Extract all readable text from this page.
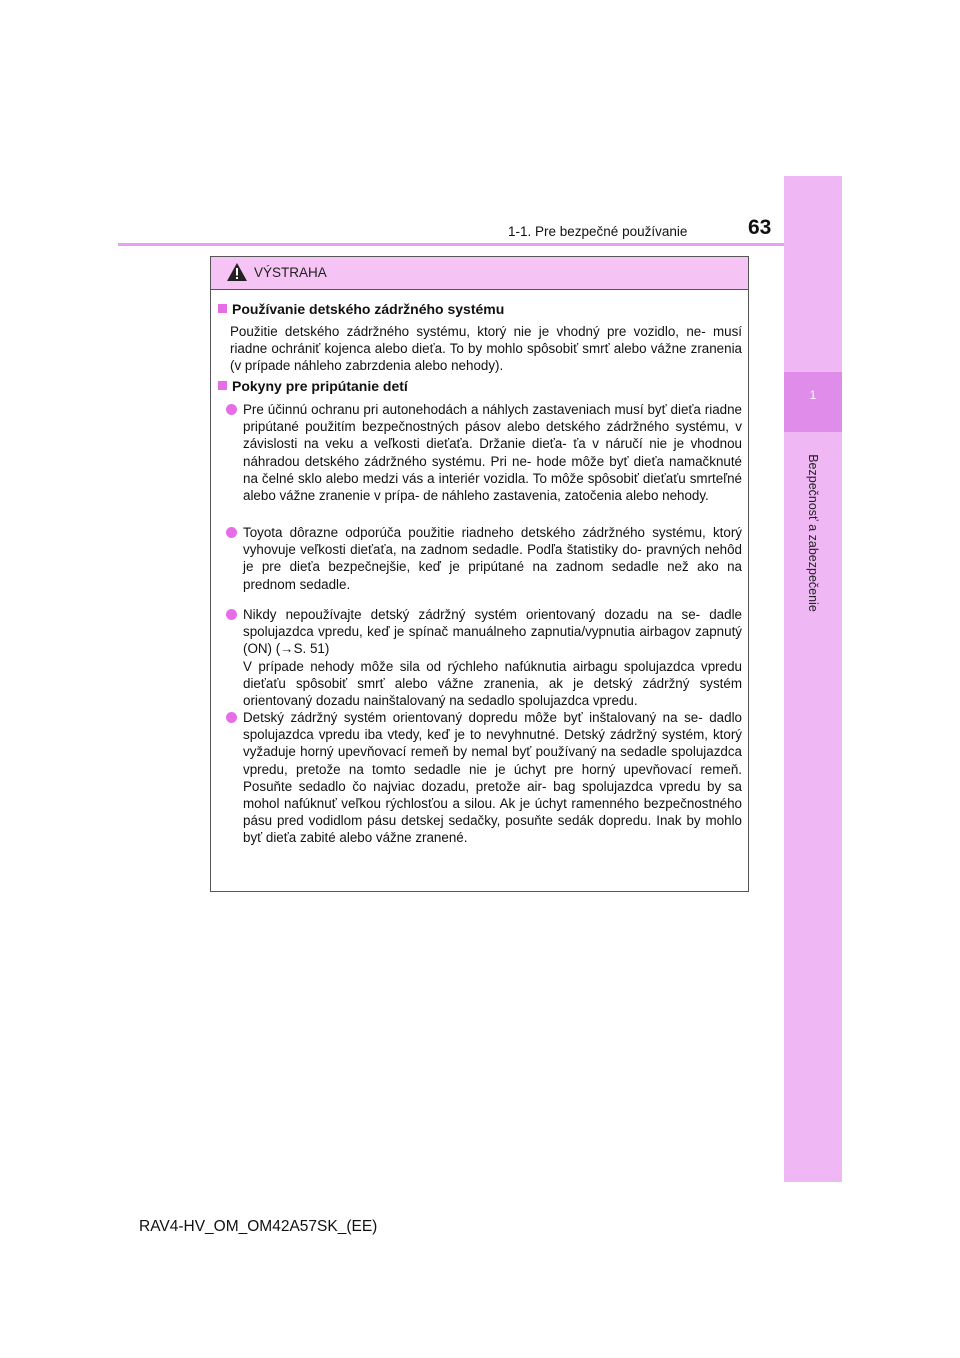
1
Bezpečnosť a zabezpečenie
1-1. Pre bezpečné používanie	63
VÝSTRAHA
Používanie detského zádržného systému
Použitie detského zádržného systému, ktorý nie je vhodný pre vozidlo, ne- musí riadne ochrániť kojenca alebo dieťa. To by mohlo spôsobiť smrť alebo vážne zranenia (v prípade náhleho zabrzdenia alebo nehody).
Pokyny pre pripútanie detí
Pre účinnú ochranu pri autonehodách a náhlych zastaveniach musí byť dieťa riadne pripútané použitím bezpečnostných pásov alebo detského zádržného systému, v závislosti na veku a veľkosti dieťaťa. Držanie dieťa- ťa v náručí nie je vhodnou náhradou detského zádržného systému. Pri ne- hode môže byť dieťa namačknuté na čelné sklo alebo medzi vás a interiér vozidla. To môže spôsobiť dieťaťu smrteľné alebo vážne zranenie v prípa- de náhleho zastavenia, zatočenia alebo nehody.
Toyota dôrazne odporúča použitie riadneho detského zádržného systému, ktorý vyhovuje veľkosti dieťaťa, na zadnom sedadle. Podľa štatistiky do- pravných nehôd je pre dieťa bezpečnejšie, keď je pripútané na zadnom sedadle než ako na prednom sedadle.
Nikdy nepoužívajte detský zádržný systém orientovaný dozadu na se- dadle spolujazdca vpredu, keď je spínač manuálneho zapnutia/vypnutia airbagov zapnutý (ON) (→S. 51)
V prípade nehody môže sila od rýchleho nafúknutia airbagu spolujazdca vpredu dieťaťu spôsobiť smrť alebo vážne zranenia, ak je detský zádržný systém orientovaný dozadu nainštalovaný na sedadlo spolujazdca vpredu.
Detský zádržný systém orientovaný dopredu môže byť inštalovaný na se- dadlo spolujazdca vpredu iba vtedy, keď je to nevyhnutné. Detský zádržný systém, ktorý vyžaduje horný upevňovací remeň by nemal byť používaný na sedadle spolujazdca vpredu, pretože na tomto sedadle nie je úchyt pre horný upevňovací remeň. Posuňte sedadlo čo najviac dozadu, pretože air- bag spolujazdca vpredu by sa mohol nafúknuť veľkou rýchlosťou a silou. Ak je úchyt ramenného bezpečnostného pásu pred vodidlom pásu detskej sedačky, posuňte sedák dopredu. Inak by mohlo byť dieťa zabité alebo vážne zranené.
RAV4-HV_OM_OM42A57SK_(EE)
